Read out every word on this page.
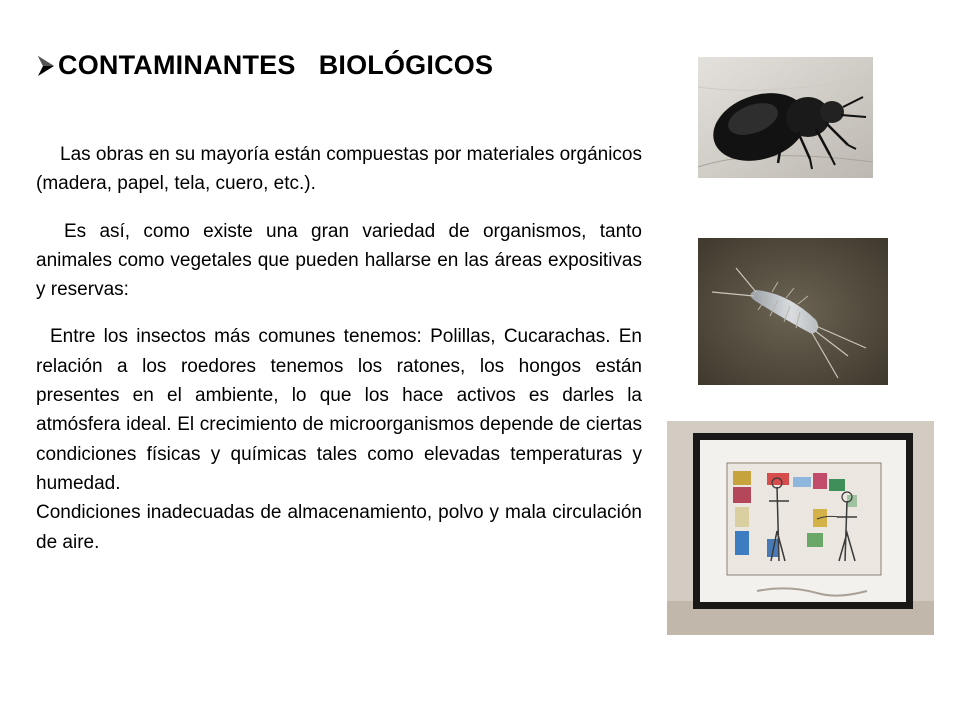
CONTAMINANTES   BIOLÓGICOS

Las obras en su mayoría están compuestas por materiales orgánicos (madera, papel, tela, cuero, etc.).

Es así, como existe una gran variedad de organismos, tanto animales como vegetales que pueden hallarse en las áreas expositivas y reservas:

Entre los insectos más comunes tenemos: Polillas, Cucarachas. En relación a los roedores tenemos los ratones, los hongos están presentes en el ambiente, lo que los hace activos es darles la atmósfera ideal. El crecimiento de microorganismos depende de ciertas condiciones físicas y químicas tales como elevadas temperaturas y humedad.

Condiciones inadecuadas de almacenamiento, polvo y mala circulación de aire.
